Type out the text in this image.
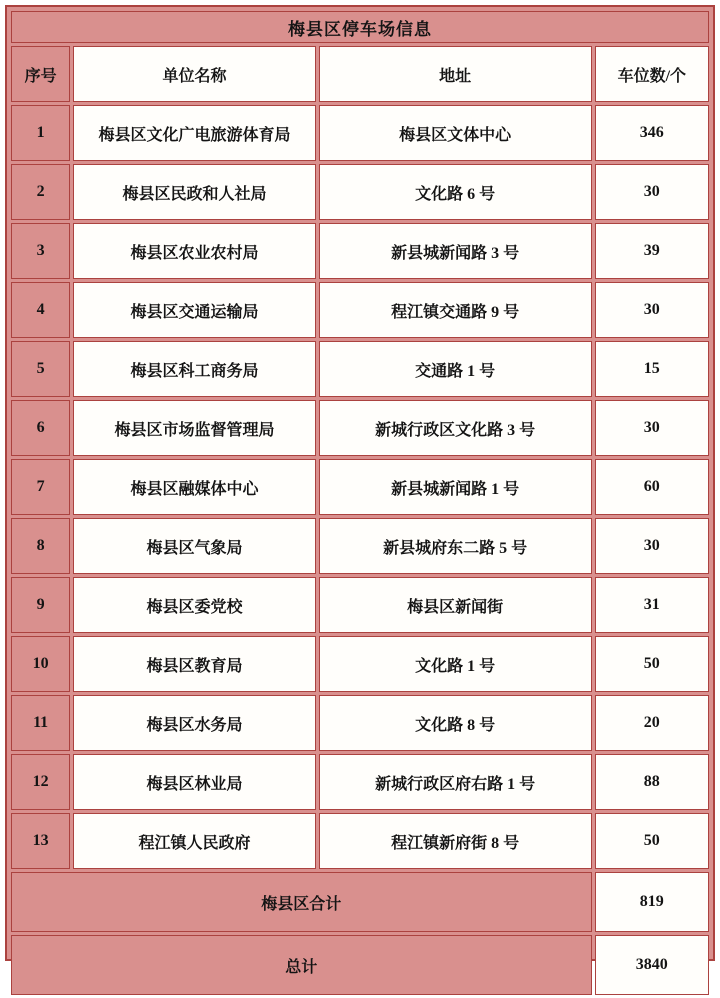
梅县区停车场信息			
序号	单位名称	地址	车位数/个
1	梅县区文化广电旅游体育局	梅县区文体中心	346
2	梅县区民政和人社局	文化路 6 号	30
3	梅县区农业农村局	新县城新闻路 3 号	39
4	梅县区交通运输局	程江镇交通路 9 号	30
5	梅县区科工商务局	交通路 1 号	15
6	梅县区市场监督管理局	新城行政区文化路 3 号	30
7	梅县区融媒体中心	新县城新闻路 1 号	60
8	梅县区气象局	新县城府东二路 5 号	30
9	梅县区委党校	梅县区新闻街	31
10	梅县区教育局	文化路 1 号	50
11	梅县区水务局	文化路 8 号	20
12	梅县区林业局	新城行政区府右路 1 号	88
13	程江镇人民政府	程江镇新府街 8 号	50
梅县区合计			819
总计			3840
